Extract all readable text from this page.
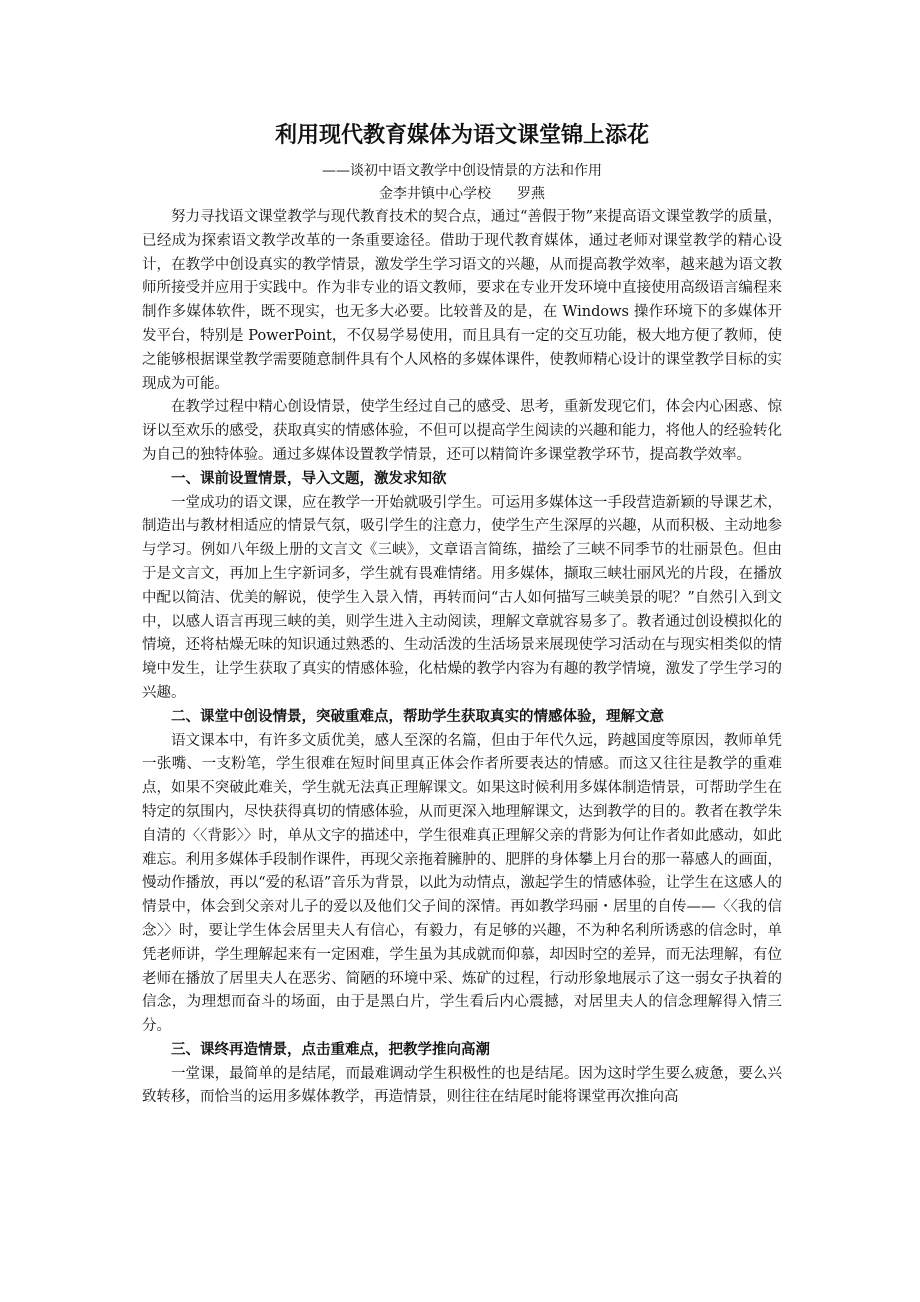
利用现代教育媒体为语文课堂锦上添花

——谈初中语文教学中创设情景的方法和作用

金李井镇中心学校 罗燕

努力寻找语文课堂教学与现代教育技术的契合点，通过“善假于物”来提高语文课堂教学的质量，已经成为探索语文教学改革的一条重要途径。借助于现代教育媒体，通过老师对课堂教学的精心设计，在教学中创设真实的教学情景，激发学生学习语文的兴趣，从而提高教学效率，越来越为语文教师所接受并应用于实践中。作为非专业的语文教师，要求在专业开发环境中直接使用高级语言编程来制作多媒体软件，既不现实，也无多大必要。比较普及的是，在 Windows 操作环境下的多媒体开发平台，特别是 PowerPoint，不仅易学易使用，而且具有一定的交互功能，极大地方便了教师，使之能够根据课堂教学需要随意制件具有个人风格的多媒体课件，使教师精心设计的课堂教学目标的实现成为可能。

在教学过程中精心创设情景，使学生经过自己的感受、思考，重新发现它们，体会内心困惑、惊讶以至欢乐的感受，获取真实的情感体验，不但可以提高学生阅读的兴趣和能力，将他人的经验转化为自己的独特体验。通过多媒体设置教学情景，还可以精简许多课堂教学环节，提高教学效率。

一、课前设置情景，导入文题，激发求知欲

一堂成功的语文课，应在教学一开始就吸引学生。可运用多媒体这一手段营造新颖的导课艺术，制造出与教材相适应的情景气氛，吸引学生的注意力，使学生产生深厚的兴趣，从而积极、主动地参与学习。例如八年级上册的文言文《三峡》，文章语言简练，描绘了三峡不同季节的壮丽景色。但由于是文言文，再加上生字新词多，学生就有畏难情绪。用多媒体，撷取三峡壮丽风光的片段，在播放中配以简洁、优美的解说，使学生入景入情，再转而问“古人如何描写三峡美景的呢？”自然引入到文中，以感人语言再现三峡的美，则学生进入主动阅读，理解文章就容易多了。教者通过创设模拟化的情境，还将枯燥无味的知识通过熟悉的、生动活泼的生活场景来展现使学习活动在与现实相类似的情境中发生，让学生获取了真实的情感体验，化枯燥的教学内容为有趣的教学情境，激发了学生学习的兴趣。

二、课堂中创设情景，突破重难点，帮助学生获取真实的情感体验，理解文意

语文课本中，有许多文质优美，感人至深的名篇，但由于年代久远，跨越国度等原因，教师单凭一张嘴、一支粉笔，学生很难在短时间里真正体会作者所要表达的情感。而这又往往是教学的重难点，如果不突破此难关，学生就无法真正理解课文。如果这时候利用多媒体制造情景，可帮助学生在特定的氛围内，尽快获得真切的情感体验，从而更深入地理解课文，达到教学的目的。教者在教学朱自清的〈〈背影〉〉时，单从文字的描述中，学生很难真正理解父亲的背影为何让作者如此感动，如此难忘。利用多媒体手段制作课件，再现父亲拖着臃肿的、肥胖的身体攀上月台的那一幕感人的画面，慢动作播放，再以“爱的私语”音乐为背景，以此为动情点，激起学生的情感体验，让学生在这感人的情景中，体会到父亲对儿子的爱以及他们父子间的深情。再如教学玛丽・居里的自传——〈〈我的信念〉〉时，要让学生体会居里夫人有信心，有毅力，有足够的兴趣，不为种名利所诱惑的信念时，单凭老师讲，学生理解起来有一定困难，学生虽为其成就而仰慕，却因时空的差异，而无法理解，有位老师在播放了居里夫人在恶劣、简陋的环境中采、炼矿的过程，行动形象地展示了这一弱女子执着的信念，为理想而奋斗的场面，由于是黑白片，学生看后内心震撼，对居里夫人的信念理解得入情三分。

三、课终再造情景，点击重难点，把教学推向高潮

一堂课，最简单的是结尾，而最难调动学生积极性的也是结尾。因为这时学生要么疲惫，要么兴致转移，而恰当的运用多媒体教学，再造情景，则往往在结尾时能将课堂再次推向高
